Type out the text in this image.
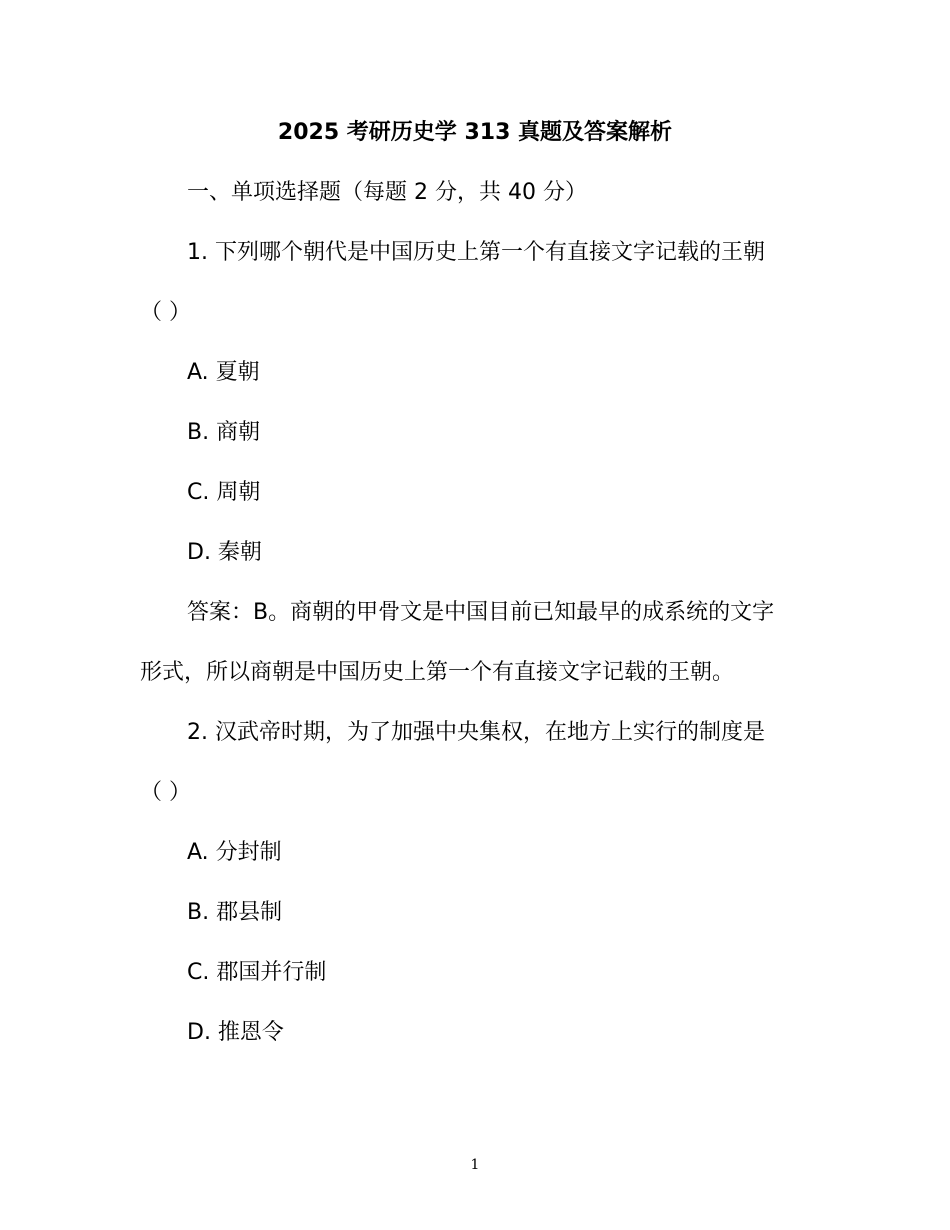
2025 考研历史学 313 真题及答案解析
一、单项选择题（每题 2 分，共 40 分）
1. 下列哪个朝代是中国历史上第一个有直接文字记载的王朝
（ ）
A. 夏朝
B. 商朝
C. 周朝
D. 秦朝
答案：B。商朝的甲骨文是中国目前已知最早的成系统的文字
形式，所以商朝是中国历史上第一个有直接文字记载的王朝。
2. 汉武帝时期，为了加强中央集权，在地方上实行的制度是
（ ）
A. 分封制
B. 郡县制
C. 郡国并行制
D. 推恩令
1
